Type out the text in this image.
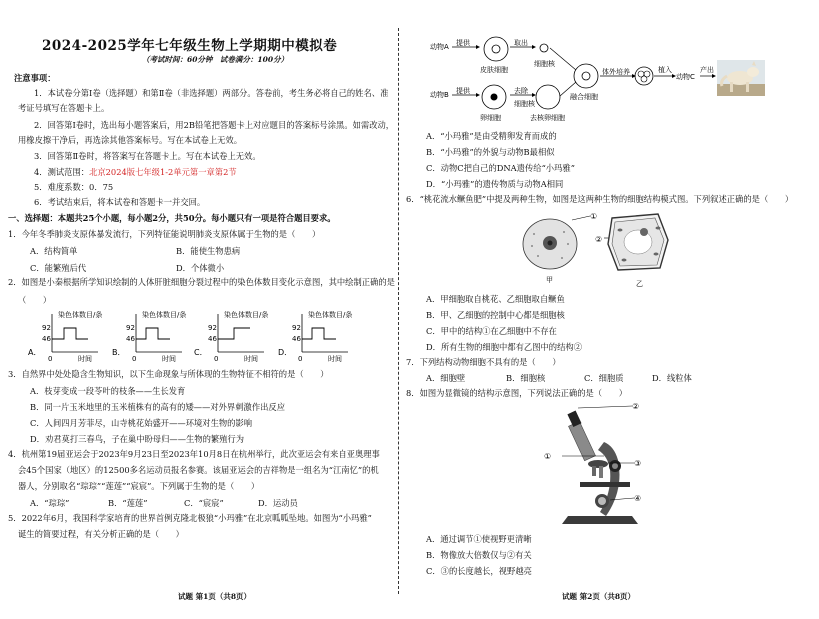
2024-2025学年七年级生物上学期期中模拟卷
（考试时间：60分钟　试卷满分：100分）
注意事项：
1．本试卷分第Ⅰ卷（选择题）和第Ⅱ卷（非选择题）两部分。答卷前，考生务必将自己的姓名、准
考证号填写在答题卡上。
2．回答第Ⅰ卷时，选出每小题答案后，用2B铅笔把答题卡上对应题目的答案标号涂黑。如需改动，
用橡皮擦干净后，再选涂其他答案标号。写在本试卷上无效。
3．回答第Ⅱ卷时，将答案写在答题卡上。写在本试卷上无效。
4．测试范围：北京2024版七年级1-2单元第一章第2节
5．难度系数：0．75
6．考试结束后，将本试卷和答题卡一并交回。
一、选择题：本题共25个小题，每小题2分，共50分。每小题只有一项是符合题目要求。
1．今年冬季肺炎支原体暴发流行，下列特征能说明肺炎支原体属于生物的是（　　）
A．结构简单	B．能使生物患病
C．能繁殖后代	D．个体微小
2．如图是小秦根据所学知识绘制的人体肝脏细胞分裂过程中的染色体数目变化示意图，其中绘制正确的是
（　　）
A．
染色体数目/条
92
46
0	时间
B．
染色体数目/条
92
46
0	时间
C．
染色体数目/条
92
46
0	时间
D．
染色体数目/条
92
46
0	时间
3．自然界中处处隐含生物知识，以下生命现象与所体现的生物特征不相符的是（　　）
A．枝芽变成一段苓叶的枝条——生长发育
B．同一片玉米地里的玉米植株有的高有的矮——对外界刺激作出反应
C．人间四月芳菲尽，山寺桃花始盛开——环境对生物的影响
D．劝君莫打三春鸟，子在巢中盼母归——生物的繁殖行为
4．杭州第19届亚运会于2023年9月23日至2023年10月8日在杭州举行，此次亚运会有来自亚奥理事
会45个国家（地区）的12500多名运动员报名参赛。该届亚运会的吉祥物是一组名为“江南忆”的机
器人，分别取名“琮琮”“莲莲”“宸宸”。下列属于生物的是（　　）
A．“琮琮”	B．“莲莲”	C．“宸宸”	D．运动员
5．2022年6月，我国科学家培育的世界首例克隆北极狼“小玛雅”在北京呱呱坠地。如图为“小玛雅”
诞生的简要过程，有关分析正确的是（　　）
试题 第1页（共8页）
动物A 提供
皮肤细胞
取出
细胞核
动物B 提供
卵细胞
去除
细胞核
去核卵细胞
融合细胞
体外培养	植入
动物C
产出
A．“小玛雅”是由受精卵发育而成的
B．“小玛雅”的外貌与动物B最相似
C．动物C把自己的DNA遗传给“小玛雅”
D．“小玛雅”的遗传物质与动物A相同
6．“桃花流水鳜鱼肥”中提及两种生物，如图是这两种生物的细胞结构模式图。下列叙述正确的是（　　）
甲
①
②
乙
A．甲细胞取自桃花、乙细胞取自鳜鱼
B．甲、乙细胞的控制中心都是细胞核
C．甲中的结构①在乙细胞中不存在
D．所有生物的细胞中都有乙图中的结构②
7．下列结构动物细胞不具有的是（　　）
A．细胞壁	B．细胞核	C．细胞质	D．线粒体
8．如图为显微镜的结构示意图，下列说法正确的是（　　）
①
②
③
④
A．通过调节①使视野更清晰
B．物像放大倍数仅与②有关
C．③的长度越长，视野越亮
试题 第2页（共8页）
